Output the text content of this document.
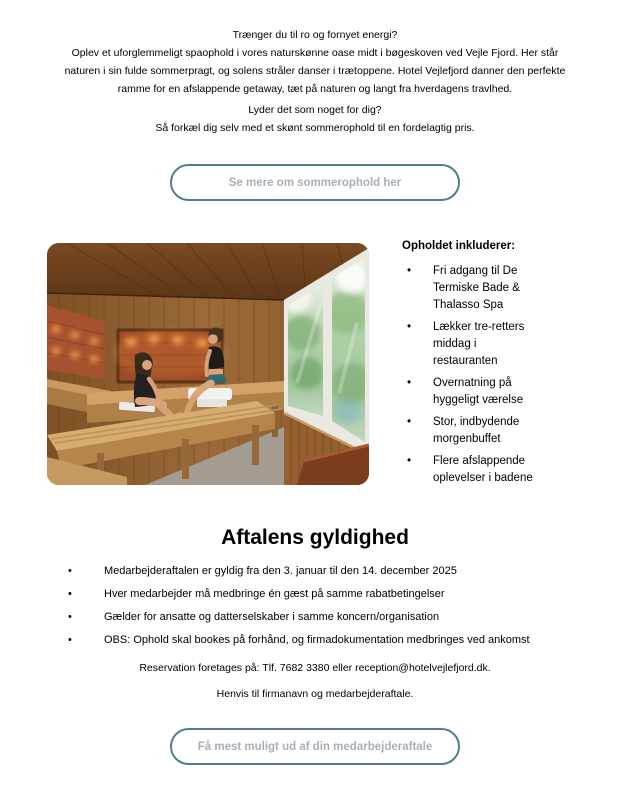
Trænger du til ro og fornyet energi?

Oplev et uforglemmeligt spaophold i vores naturskønne oase midt i bøgeskoven ved Vejle Fjord. Her står naturen i sin fulde sommerpragt, og solens stråler danser i trætoppene. Hotel Vejlefjord danner den perfekte ramme for en afslappende getaway, tæt på naturen og langt fra hverdagens travlhed.

Lyder det som noget for dig?

Så forkæl dig selv med et skønt sommerophold til en fordelagtig pris.

Se mere om sommerophold her

Opholdet inkluderer:

• Fri adgang til De Termiske Bade & Thalasso Spa
• Lækker tre-retters middag i restauranten
• Overnatning på hyggeligt værelse
• Stor, indbydende morgenbuffet
• Flere afslappende oplevelser i badene
Aftalens gyldighed
• Medarbejderaftalen er gyldig fra den 3. januar til den 14. december 2025
• Hver medarbejder må medbringe én gæst på samme rabatbetingelser
• Gælder for ansatte og datterselskaber i samme koncern/organisation
• OBS: Ophold skal bookes på forhånd, og firmadokumentation medbringes ved ankomst

Reservation foretages på: Tlf. 7682 3380 eller reception@hotelvejlefjord.dk.

Henvis til firmanavn og medarbejderaftale.

Få mest muligt ud af din medarbejderaftale
